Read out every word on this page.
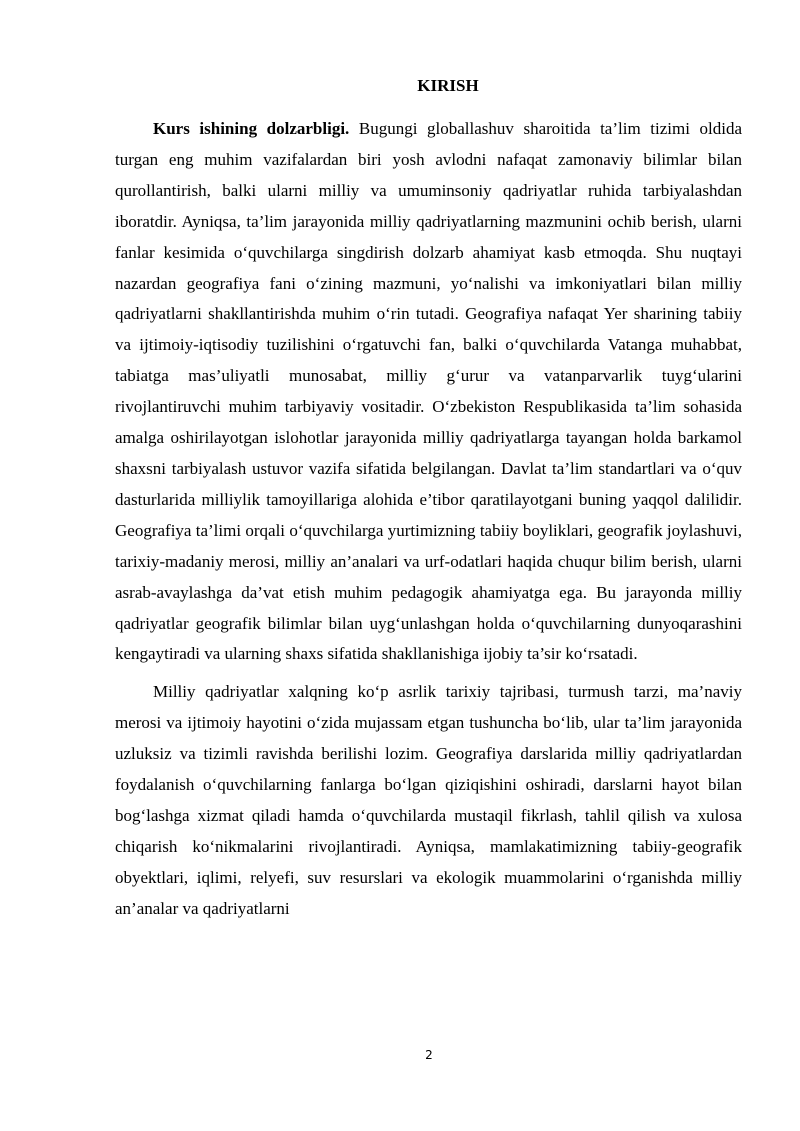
KIRISH

Kurs ishining dolzarbligi. Bugungi globallashuv sharoitida ta’lim tizimi oldida turgan eng muhim vazifalardan biri yosh avlodni nafaqat zamonaviy bilimlar bilan qurollantirish, balki ularni milliy va umuminsoniy qadriyatlar ruhida tarbiyalashdan iboratdir. Ayniqsa, ta’lim jarayonida milliy qadriyatlarning mazmunini ochib berish, ularni fanlar kesimida o‘quvchilarga singdirish dolzarb ahamiyat kasb etmoqda. Shu nuqtayi nazardan geografiya fani o‘zining mazmuni, yo‘nalishi va imkoniyatlari bilan milliy qadriyatlarni shakllantirishda muhim o‘rin tutadi. Geografiya nafaqat Yer sharining tabiiy va ijtimoiy-iqtisodiy tuzilishini o‘rgatuvchi fan, balki o‘quvchilarda Vatanga muhabbat, tabiatga mas’uliyatli munosabat, milliy g‘urur va vatanparvarlik tuyg‘ularini rivojlantiruvchi muhim tarbiyaviy vositadir. O‘zbekiston Respublikasida ta’lim sohasida amalga oshirilayotgan islohotlar jarayonida milliy qadriyatlarga tayangan holda barkamol shaxsni tarbiyalash ustuvor vazifa sifatida belgilangan. Davlat ta’lim standartlari va o‘quv dasturlarida milliylik tamoyillariga alohida e’tibor qaratilayotgani buning yaqqol dalilidir. Geografiya ta’limi orqali o‘quvchilarga yurtimizning tabiiy boyliklari, geografik joylashuvi, tarixiy-madaniy merosi, milliy an’analari va urf-odatlari haqida chuqur bilim berish, ularni asrab-avaylashga da’vat etish muhim pedagogik ahamiyatga ega. Bu jarayonda milliy qadriyatlar geografik bilimlar bilan uyg‘unlashgan holda o‘quvchilarning dunyoqarashini kengaytiradi va ularning shaxs sifatida shakllanishiga ijobiy ta’sir ko‘rsatadi.

Milliy qadriyatlar xalqning ko‘p asrlik tarixiy tajribasi, turmush tarzi, ma’naviy merosi va ijtimoiy hayotini o‘zida mujassam etgan tushuncha bo‘lib, ular ta’lim jarayonida uzluksiz va tizimli ravishda berilishi lozim. Geografiya darslarida milliy qadriyatlardan foydalanish o‘quvchilarning fanlarga bo‘lgan qiziqishini oshiradi, darslarni hayot bilan bog‘lashga xizmat qiladi hamda o‘quvchilarda mustaqil fikrlash, tahlil qilish va xulosa chiqarish ko‘nikmalarini rivojlantiradi. Ayniqsa, mamlakatimizning tabiiy-geografik obyektlari, iqlimi, relyefi, suv resurslari va ekologik muammolarini o‘rganishda milliy an’analar va qadriyatlarni

2
